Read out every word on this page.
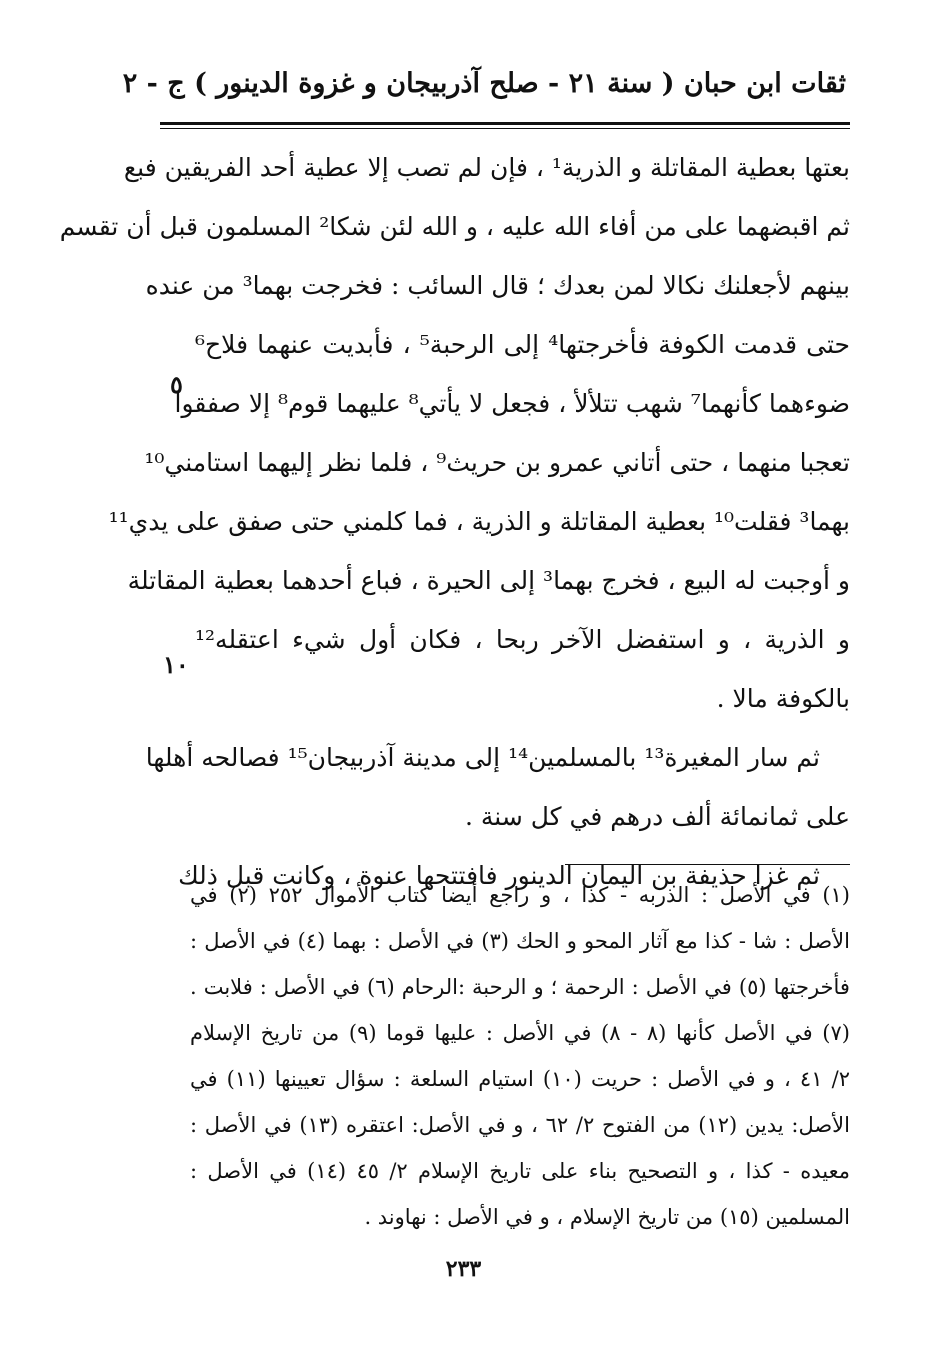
ثقات ابن حبان ( سنة ٢١ - صلح آذربيجان و غزوة الدينور ) ج - ٢
بعتها بعطية المقاتلة و الذرية¹ ، فإن لم تصب إلا عطية أحد الفريقين فبع
ثم اقبضهما على من أفاء الله عليه ، و الله لئن شكا² المسلمون قبل أن تقسم
بينهم لأجعلنك نكالا لمن بعدك ؛ قال السائب : فخرجت بهما³ من عنده
حتى قدمت الكوفة فأخرجتها⁴ إلى الرحبة⁵ ، فأبديت عنهما فلاح⁶
ضوءهما كأنهما⁷ شهب تتلألأ ، فجعل لا يأتي⁸ عليهما قوم⁸ إلا صفقوا
تعجبا منهما ، حتى أتاني عمرو بن حريث⁹ ، فلما نظر إليهما استامني¹⁰
بهما³ فقلت¹⁰ بعطية المقاتلة و الذرية ، فما كلمني حتى صفق على يدي¹¹
و أوجبت له البيع ، فخرج بهما³ إلى الحيرة ، فباع أحدهما بعطية المقاتلة
و الذرية ، و استفضل الآخر ربحا ، فكان أول شيء اعتقله¹²
بالكوفة مالا .
ثم سار المغيرة¹³ بالمسلمين¹⁴ إلى مدينة آذربيجان¹⁵ فصالحه أهلها
على ثمانمائة ألف درهم في كل سنة .
ثم غزا حذيفة بن اليمان الدينور فافتتحها عنوة ، وكانت قبل ذلك
٥
١٠
(١) في الأصل : الذربه - كذا ، و راجع أيضا كتاب الأموال ٢٥٢ (٢) في
الأصل : شا - كذا مع آثار المحو و الحك (٣) في الأصل : بهما (٤) في الأصل :
فأخرجتها (٥) في الأصل : الرحمة ؛ و الرحبة :الرحام (٦) في الأصل : فلابت .
(٧) في الأصل كأنها (٨ - ٨) في الأصل : عليها قوما (٩) من تاريخ الإسلام
٢/ ٤١ ، و في الأصل : حريت (١٠) استيام السلعة : سؤال تعيينها (١١) في
الأصل: يدين (١٢) من الفتوح ٢/ ٦٢ ، و في الأصل: اعتقره (١٣) في الأصل :
معيده - كذا ، و التصحيح بناء على تاريخ الإسلام ٢/ ٤٥ (١٤) في الأصل :
المسلمين (١٥) من تاريخ الإسلام ، و في الأصل : نهاوند .
٢٣٣
